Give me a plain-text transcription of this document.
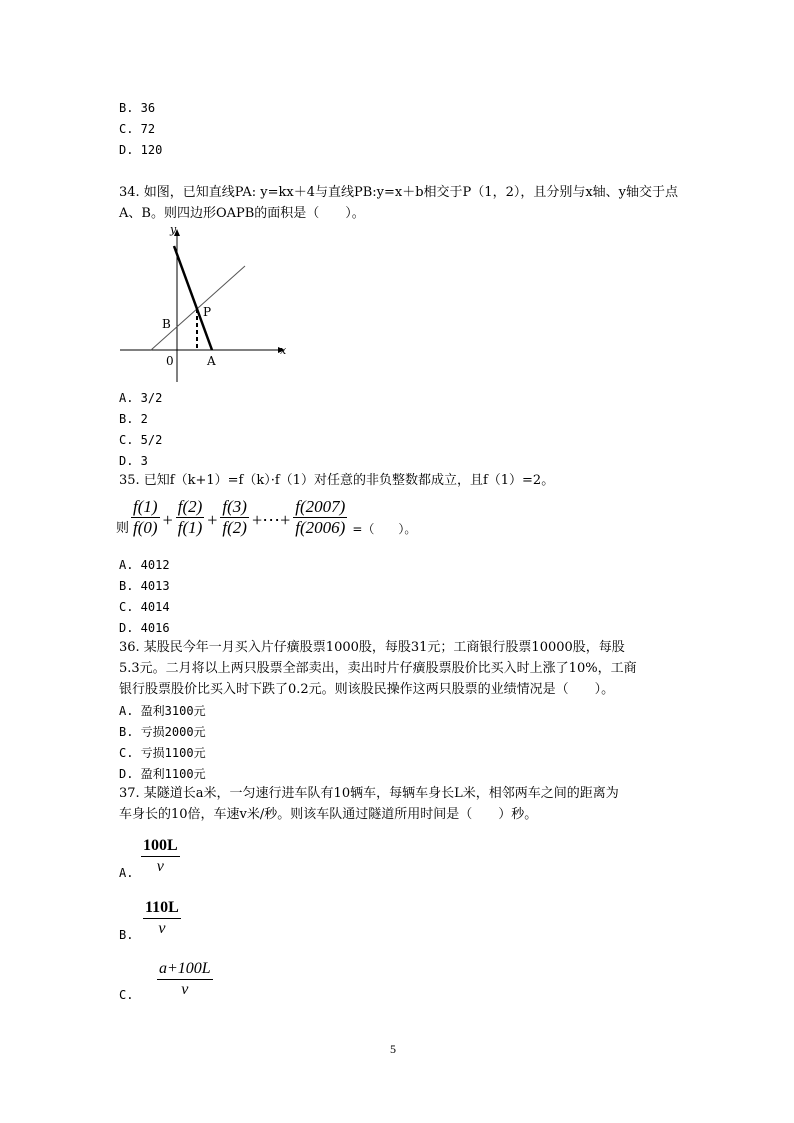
B. 36
C. 72
D. 120
34. 如图，已知直线PA: y=kx＋4与直线PB:y=x＋b相交于P（1，2），且分别与x轴、y轴交于点A、B。则四边形OAPB的面积是（　　）。
y
x
B
P
A
0
A. 3/2
B. 2
C. 5/2
D. 3
35. 已知f（k+1）=f（k）·f（1）对任意的非负整数都成立，且f（1）=2。
则 $\frac{f(1)}{f(0)} + \frac{f(2)}{f(1)} + \frac{f(3)}{f(2)}$ +⋯+ $\frac{f(2007)}{f(2006)}$ =（　　）。
A. 4012
B. 4013
C. 4014
D. 4016
36. 某股民今年一月买入片仔癀股票1000股，每股31元；工商银行股票10000股，每股
5.3元。二月将以上两只股票全部卖出，卖出时片仔癀股票股价比买入时上涨了10%，工商
银行股票股价比买入时下跌了0.2元。则该股民操作这两只股票的业绩情况是（　　）。
A. 盈利3100元
B. 亏损2000元
C. 亏损1100元
D. 盈利1100元
37. 某隧道长a米，一匀速行进车队有10辆车，每辆车身长L米，相邻两车之间的距离为
车身长的10倍，车速v米/秒。则该车队通过隧道所用时间是（　　）秒。
A.
100L
v
B.
110L
v
C.
a+100L
v
5
